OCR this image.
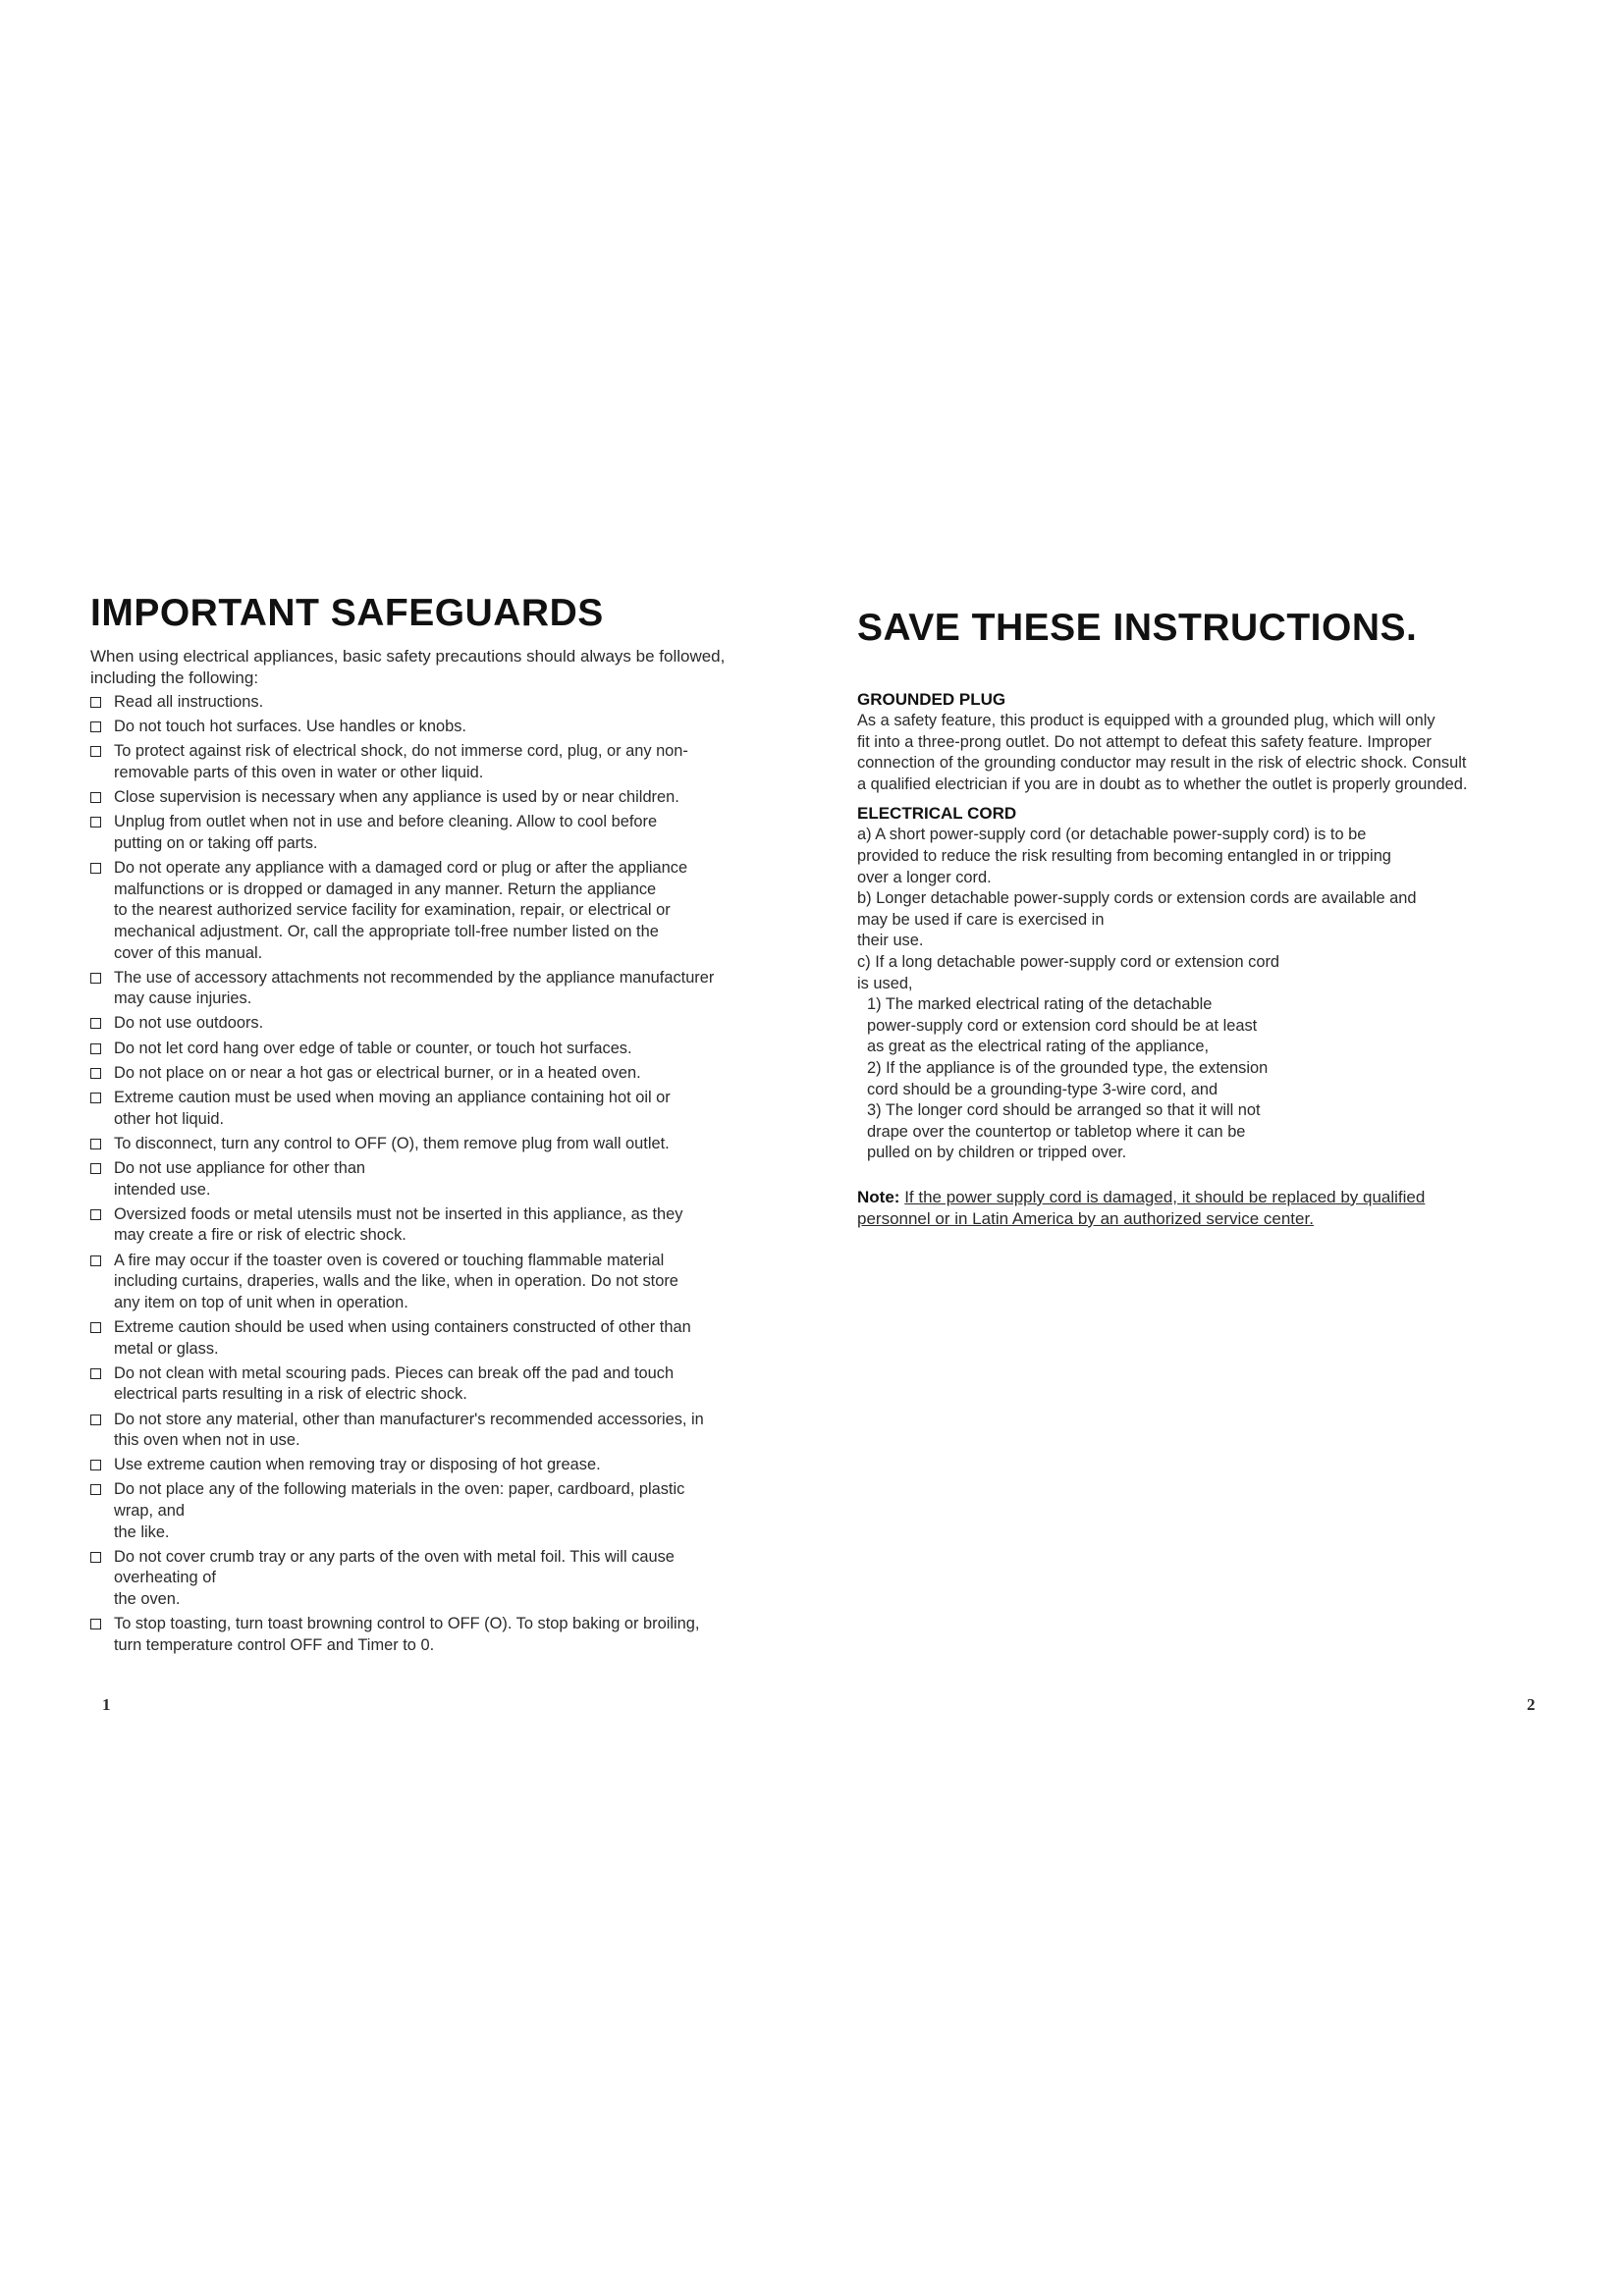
IMPORTANT SAFEGUARDS

When using electrical appliances, basic safety precautions should always be followed, including the following:

Read all instructions.
Do not touch hot surfaces. Use handles or knobs.
To protect against risk of electrical shock, do not immerse cord, plug, or any non-
removable parts of this oven in water or other liquid.
Close supervision is necessary when any appliance is used by or near children.
Unplug from outlet when not in use and before cleaning. Allow to cool before
putting on or taking off parts.
Do not operate any appliance with a damaged cord or plug or after the appliance
malfunctions or is dropped or damaged in any manner. Return the appliance
to the nearest authorized service facility for examination, repair, or electrical or
mechanical adjustment. Or, call the appropriate toll-free number listed on the
cover of this manual.
The use of accessory attachments not recommended by the appliance manufacturer
may cause injuries.
Do not use outdoors.
Do not let cord hang over edge of table or counter, or touch hot surfaces.
Do not place on or near a hot gas or electrical burner, or in a heated oven.
Extreme caution must be used when moving an appliance containing hot oil or
other hot liquid.
To disconnect, turn any control to OFF (O), them remove plug from wall outlet.
Do not use appliance for other than
intended use.
Oversized foods or metal utensils must not be inserted in this appliance, as they
may create a fire or risk of electric shock.
A fire may occur if the toaster oven is covered or touching flammable material
including curtains, draperies, walls and the like, when in operation. Do not store
any item on top of unit when in operation.
Extreme caution should be used when using containers constructed of other than
metal or glass.
Do not clean with metal scouring pads. Pieces can break off the pad and touch
electrical parts resulting in a risk of electric shock.
Do not store any material, other than manufacturer's recommended accessories, in
this oven when not in use.
Use extreme caution when removing tray or disposing of hot grease.
Do not place any of the following materials in the oven: paper, cardboard, plastic
wrap, and
the like.
Do not cover crumb tray or any parts of the oven with metal foil. This will cause
overheating of
the oven.
To stop toasting, turn toast browning control to OFF (O). To stop baking or broiling,
turn temperature control OFF and Timer to 0.
SAVE THESE INSTRUCTIONS.
GROUNDED PLUG

As a safety feature, this product is equipped with a grounded plug, which will only
fit into a three-prong outlet. Do not attempt to defeat this safety feature. Improper
connection of the grounding conductor may result in the risk of electric shock. Consult
a qualified electrician if you are in doubt as to whether the outlet is properly grounded.

ELECTRICAL CORD
a) A short power-supply cord (or detachable power-supply cord) is to be
provided to reduce the risk resulting from becoming entangled in or tripping
over a longer cord.
b) Longer detachable power-supply cords or extension cords are available and
may be used if care is exercised in
their use.
c) If a long detachable power-supply cord or extension cord
is used,
1) The marked electrical rating of the detachable
power-supply cord or extension cord should be at least
as great as the electrical rating of the appliance,
2) If the appliance is of the grounded type, the extension
cord should be a grounding-type 3-wire cord, and
3) The longer cord should be arranged so that it will not
drape over the countertop or tabletop where it can be
pulled on by children or tripped over.
Note: If the power supply cord is damaged, it should be replaced by qualified
personnel or in Latin America by an authorized service center.
1	2
